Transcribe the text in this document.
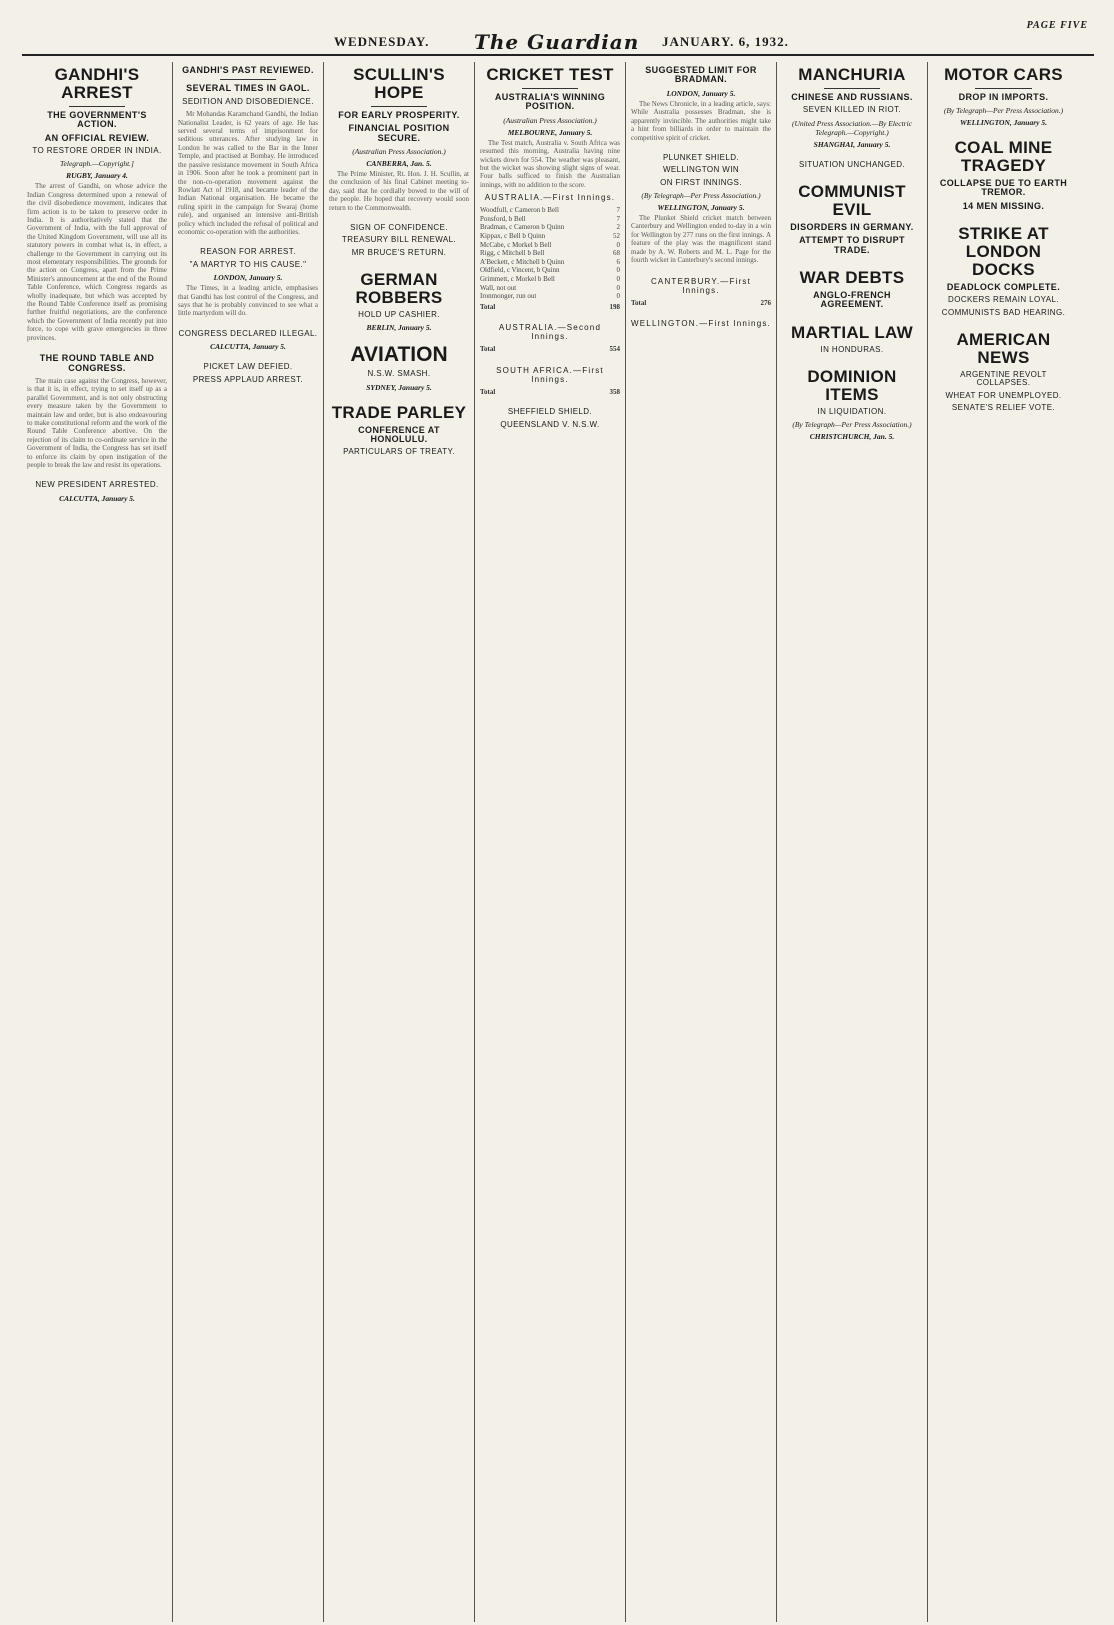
WEDNESDAY. The Guardian JANUARY. 6, 1932.
PAGE FIVE
GANDHI'S ARREST
THE GOVERNMENT'S ACTION.
AN OFFICIAL REVIEW.
TO RESTORE ORDER IN INDIA.
Telegraph.—Copyright.]
RUGBY, January 4.

The arrest of Gandhi, on whose advice the Indian Congress determined upon a renewal of the civil disobedience movement, indicates that firm action is to be taken to preserve order in India. It is authoritatively stated that the Government of India, with the full approval of the United Kingdom Government, will use all its statutory powers in combat what is, in effect, a challenge to the Government in carrying out its most elementary responsibilities. The grounds for the action on Congress, apart from the Prime Minister's announcement at the end of the Round Table Conference, which Congress regards as wholly inadequate, but which was accepted by the Round Table Conference itself as promising further fruitful negotiations, are the conference which the Government of India recently put into force, to cope with grave emergencies in three provinces.

THE ROUND TABLE AND CONGRESS.

The main case against the Congress, however, is that it is, in effect, trying to set itself up as a parallel Government, and is not only obstructing every measure taken by the Government to maintain law and order, but is also endeavouring to make constitutional reform and the work of the Round Table Conference abortive. On the rejection of its claim to co-ordinate service in the Government of India, the Congress has set itself to enforce its claim by open instigation of the people to break the law and resist its operations.

NEW PRESIDENT ARRESTED.
CALCUTTA, January 5.
GANDHI'S PAST REVIEWED.
SEVERAL TIMES IN GAOL.
SEDITION AND DISOBEDIENCE.

Mr Mohandas Karamchand Gandhi, the Indian Nationalist Leader, is 62 years of age. He has served several terms of imprisonment for seditious utterances. After studying law in London he was called to the Bar in the Inner Temple, and practised at Bombay. He introduced the passive resistance movement in South Africa in 1906. Soon after he took a prominent part in the non-co-operation movement against the Rowlatt Act of 1918, and became leader of the Indian National organisation. He became the ruling spirit in the campaign for Swaraj (home rule), and organised an intensive anti-British policy which included the refusal of political and economic co-operation with the authorities.

REASON FOR ARREST.
"A MARTYR TO HIS CAUSE."
LONDON, January 5.

The Times, in a leading article, emphasises that Gandhi has lost control of the Congress, and says that he is probably convinced to see what a little martyrdom will do.

CONGRESS DECLARED ILLEGAL.
CALCUTTA, January 5.
PICKET LAW DEFIED.
PRESS APPLAUD ARREST.
SCULLIN'S HOPE
FOR EARLY PROSPERITY.
FINANCIAL POSITION SECURE.
(Australian Press Association.)
CANBERRA, Jan. 5.

The Prime Minister, Rt. Hon. J. H. Scullin, at the conclusion of his final Cabinet meeting to-day, said that he cordially bowed to the will of the people. He hoped that recovery would soon return to the Commonwealth.

SIGN OF CONFIDENCE.
TREASURY BILL RENEWAL.
MR BRUCE'S RETURN.
GERMAN ROBBERS
HOLD UP CASHIER.
BERLIN, January 5.
AVIATION
N.S.W. SMASH.
SYDNEY, January 5.
TRADE PARLEY
CONFERENCE AT HONOLULU.
PARTICULARS OF TREATY.
CRICKET TEST
AUSTRALIA'S WINNING POSITION.
(Australian Press Association.)
MELBOURNE, January 5.

The Test match, Australia v. South Africa was resumed this morning, Australia having nine wickets down for 554. The weather was pleasant, but the wicket was showing slight signs of wear. Four balls sufficed to finish the Australian innings, with no addition to the score.

AUSTRALIA.—First Innings.
Woodfull, c Cameron b Bell	7
Ponsford, b Bell	7
Bradman, c Cameron b Quinn	2
Kippax, c Bell b Quinn	52
McCabe, c Morkel b Bell	0
Rigg, c Mitchell b Bell	68
A'Beckett, c Mitchell b Quinn	6
Oldfield, c Vincent, b Quinn	0
Grimmett, c Morkel b Bell	0
Wall, not out	0
Ironmonger, run out	0
Total	198
AUSTRALIA.—Second Innings.
Total	554
SOUTH AFRICA.—First Innings.
Total	358
SHEFFIELD SHIELD.
QUEENSLAND V. N.S.W.
SUGGESTED LIMIT FOR BRADMAN.
LONDON, January 5.

The News Chronicle, in a leading article, says: While Australia possesses Bradman, she is apparently invincible. The authorities might take a hint from billiards in order to maintain the competitive spirit of cricket.

PLUNKET SHIELD.
WELLINGTON WIN
ON FIRST INNINGS.
(By Telegraph—Per Press Association.)
WELLINGTON, January 5.

The Plunket Shield cricket match between Canterbury and Wellington ended to-day in a win for Wellington by 277 runs on the first innings. A feature of the play was the magnificent stand made by A. W. Roberts and M. L. Page for the fourth wicket in Canterbury's second innings.

CANTERBURY.—First Innings.
Total	276
WELLINGTON.—First Innings.
MANCHURIA
CHINESE AND RUSSIANS.
SEVEN KILLED IN RIOT.
(United Press Association.—By Electric Telegraph.—Copyright.)
SHANGHAI, January 5.
SITUATION UNCHANGED.
COMMUNIST EVIL
DISORDERS IN GERMANY.
ATTEMPT TO DISRUPT TRADE.
WAR DEBTS
ANGLO-FRENCH AGREEMENT.
MARTIAL LAW
IN HONDURAS.
DOMINION ITEMS
IN LIQUIDATION.
(By Telegraph—Per Press Association.)
CHRISTCHURCH, Jan. 5.
MOTOR CARS
DROP IN IMPORTS.
(By Telegraph—Per Press Association.)
WELLINGTON, January 5.
COAL MINE TRAGEDY
COLLAPSE DUE TO EARTH TREMOR.
14 MEN MISSING.
STRIKE AT LONDON DOCKS
DEADLOCK COMPLETE.
DOCKERS REMAIN LOYAL.
COMMUNISTS BAD HEARING.
AMERICAN NEWS
ARGENTINE REVOLT COLLAPSES.
WHEAT FOR UNEMPLOYED.
SENATE'S RELIEF VOTE.
